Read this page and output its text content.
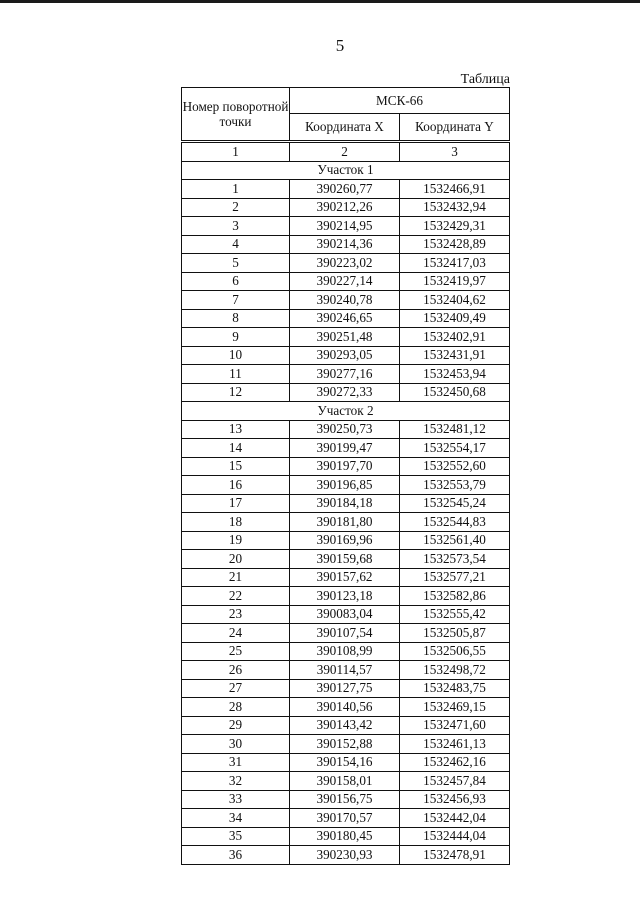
5
Таблица
Номер поворотной точки	МСК-66	
	Координата X	Координата Y
1	2	3
Участок 1		
1	390260,77	1532466,91
2	390212,26	1532432,94
3	390214,95	1532429,31
4	390214,36	1532428,89
5	390223,02	1532417,03
6	390227,14	1532419,97
7	390240,78	1532404,62
8	390246,65	1532409,49
9	390251,48	1532402,91
10	390293,05	1532431,91
11	390277,16	1532453,94
12	390272,33	1532450,68
Участок 2		
13	390250,73	1532481,12
14	390199,47	1532554,17
15	390197,70	1532552,60
16	390196,85	1532553,79
17	390184,18	1532545,24
18	390181,80	1532544,83
19	390169,96	1532561,40
20	390159,68	1532573,54
21	390157,62	1532577,21
22	390123,18	1532582,86
23	390083,04	1532555,42
24	390107,54	1532505,87
25	390108,99	1532506,55
26	390114,57	1532498,72
27	390127,75	1532483,75
28	390140,56	1532469,15
29	390143,42	1532471,60
30	390152,88	1532461,13
31	390154,16	1532462,16
32	390158,01	1532457,84
33	390156,75	1532456,93
34	390170,57	1532442,04
35	390180,45	1532444,04
36	390230,93	1532478,91
